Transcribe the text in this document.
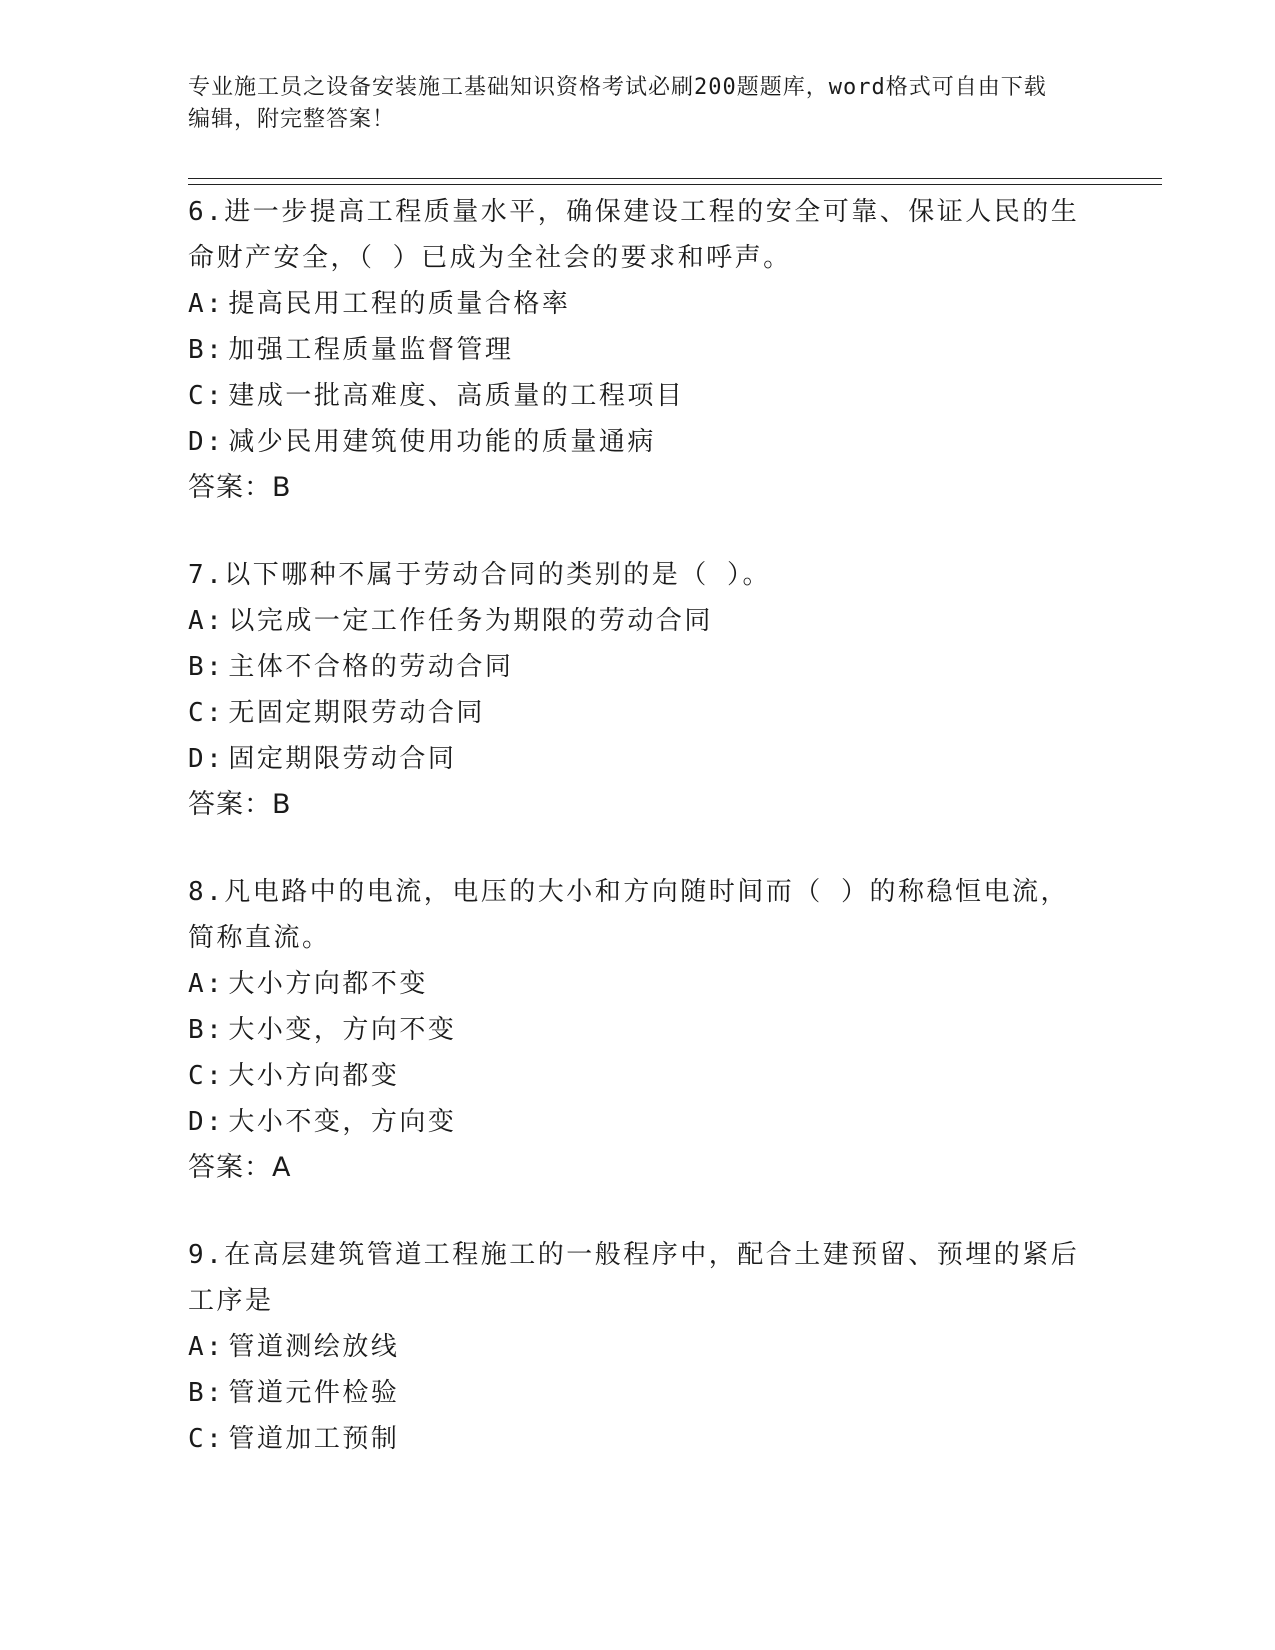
专业施工员之设备安装施工基础知识资格考试必刷200题题库，word格式可自由下载编辑，附完整答案！

6.进一步提高工程质量水平，确保建设工程的安全可靠、保证人民的生命财产安全，（ ）已成为全社会的要求和呼声。

A: 提高民用工程的质量合格率
B: 加强工程质量监督管理
C: 建成一批高难度、高质量的工程项目
D: 减少民用建筑使用功能的质量通病
答案：B

7.以下哪种不属于劳动合同的类别的是（ ）。

A: 以完成一定工作任务为期限的劳动合同
B: 主体不合格的劳动合同
C: 无固定期限劳动合同
D: 固定期限劳动合同
答案：B

8.凡电路中的电流，电压的大小和方向随时间而（ ）的称稳恒电流，简称直流。

A: 大小方向都不变
B: 大小变，方向不变
C: 大小方向都变
D: 大小不变，方向变
答案：A

9.在高层建筑管道工程施工的一般程序中，配合土建预留、预埋的紧后工序是

A: 管道测绘放线
B: 管道元件检验
C: 管道加工预制
